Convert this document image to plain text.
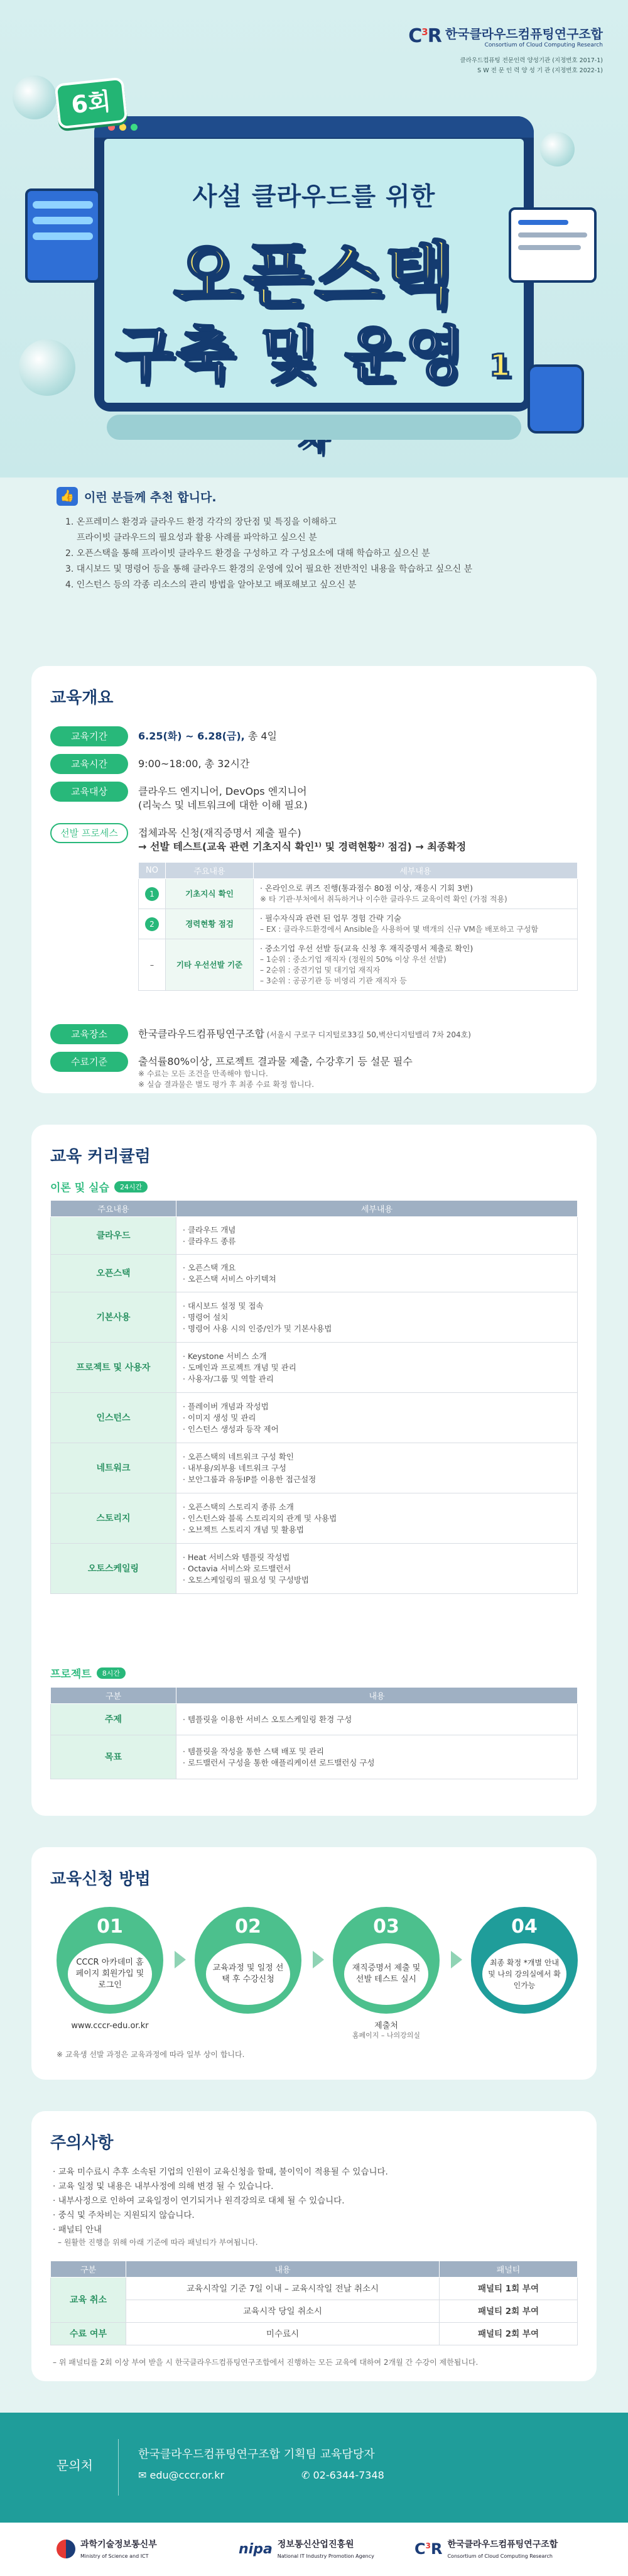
$C^3R$ 한국클라우드컴퓨팅연구조합
Consortium of Cloud Computing Research
클라우드컴퓨팅 전문인력 양성기관 (지정번호 2017-1)
S W 전 문 인 력 양 성 기 관 (지정번호 2022-1)
사설 클라우드를 위한
오픈스택
구축 및 운영 1
6회
👍 이런 분들께 추천 합니다.
1. 온프레미스 환경과 클라우드 환경 각각의 장단점 및 특징을 이해하고
프라이빗 클라우드의 필요성과 활용 사례를 파악하고 싶으신 분
2. 오픈스택을 통해 프라이빗 클라우드 환경을 구성하고 각 구성요소에 대해 학습하고 싶으신 분
3. 대시보드 및 명령어 등을 통해 클라우드 환경의 운영에 있어 필요한 전반적인 내용을 학습하고 싶으신 분
4. 인스턴스 등의 각종 리소스의 관리 방법을 알아보고 배포해보고 싶으신 분
교육개요
교육기간	6.25(화) ~ 6.28(금), 총 4일
교육시간	9:00~18:00, 총 32시간
교육대상	클라우드 엔지니어, DevOps 엔지니어
(리눅스 및 네트워크에 대한 이해 필요)
선발 프로세스	접체과목 신청(재직증명서 제출 필수)
→ 선발 테스트(교육 관련 기초지식 확인¹⁾ 및 경력현황²⁾ 점검) → 최종확정
NO	주요내용	세부내용
1	기초지식 확인	· 온라인으로 퀴즈 진행(통과점수 80점 이상, 재응시 기회 3번)
※ 타 기관·부처에서 취득하거나 이수한 클라우드 교육이력 확인 (가점 적용)

2	경력현황 점검	· 필수자식과 관련 된 업무 경험 간략 기술
– EX : 클라우드환경에서 Ansible을 사용하여 몇 백개의 신규 VM을 배포하고 구성함

–	기타 우선선발 기준	· 중소기업 우선 선발 등(교육 신청 후 재직증명서 제출로 확인)
– 1순위 : 중소기업 재직자 (정원의 50% 이상 우선 선발)
– 2순위 : 중견기업 및 대기업 재직자
– 3순위 : 공공기관 등 비영리 기관 재직자 등
교육장소	한국클라우드컴퓨팅연구조합 (서울시 구로구 디지털로33길 50,벽산디지털밸리 7차 204호)
수료기준	출석률80%이상, 프로젝트 결과물 제출, 수강후기 등 설문 필수
※ 수료는 모든 조건을 만족해야 합니다.
※ 실습 결과물은 별도 평가 후 최종 수료 확정 합니다.
교육 커리큘럼
이론 및 실습	24시간
주요내용	세부내용
클라우드	· 클라우드 개념
· 클라우드 종류

오픈스택	· 오픈스택 개요
· 오픈스택 서비스 아키텍쳐

기본사용	· 대시보드 설정 및 접속
· 명령어 설치
· 명령어 사용 시의 인증/인가 및 기본사용법

프로젝트 및 사용자	· Keystone 서비스 소개
· 도메인과 프로젝트 개념 및 관리
· 사용자/그룹 및 역할 관리

인스턴스	· 플레이버 개념과 작성법
· 이미지 생성 및 관리
· 인스턴스 생성과 등작 제어

네트워크	· 오픈스택의 네트워크 구성 확인
· 내부용/외부용 네트워크 구성
· 보안그룹과 유동IP를 이용한 접근설정

스토리지	· 오픈스택의 스토리지 종류 소개
· 인스턴스와 블록 스토리지의 관계 및 사용법
· 오브젝트 스토리지 개념 및 활용법

오토스케일링	· Heat 서비스와 템플릿 작성법
· Octavia 서비스와 로드밸런서
· 오토스케일링의 필요성 및 구성방법
프로젝트	8시간
구분	내용
주제	· 템플릿을 이용한 서비스 오토스케일링 환경 구성
목표	· 템플릿을 작성을 통한 스택 배포 및 관리
· 로드밸런서 구성을 통한 애플리케이션 로드밸런싱 구성
교육신청 방법
01
CCCR 아카데미 홈페이지 회원가입 및 로그인
02
교육과정 및 일정 선택 후 수강신청
03
재직증명서 제출 및 선발 테스트 실시
04
최종 확정 *개별 안내 및 나의 강의실에서 확인가능
www.cccr-edu.or.kr	제출처
홈페이지 – 나의강의실
※ 교육생 선발 과정은 교육과정에 따라 일부 상이 합니다.
주의사항
· 교육 미수료시 추후 소속된 기업의 인원이 교육신청을 할때, 불이익이 적용될 수 있습니다.
· 교육 일정 및 내용은 내부사정에 의해 변경 될 수 있습니다.
· 내부사정으로 인하여 교육일정이 연기되거나 원격강의로 대체 될 수 있습니다.
· 중식 및 주차비는 지원되지 않습니다.
· 패널티 안내
– 원활한 진행을 위해 아래 기준에 따라 패널티가 부여됩니다.
구분	내용	패널티
교육 취소	교육시작일 기준 7일 이내 – 교육시작일 전날 취소시	패널티 1회 부여
	교육시작 당일 취소시	패널티 2회 부여
수료 여부	미수료시	패널티 2회 부여
– 위 패널티를 2회 이상 부여 받을 시 한국클라우드컴퓨팅연구조합에서 진행하는 모든 교육에 대하여 2개월 간 수강이 제한됩니다.
문의처
한국클라우드컴퓨팅연구조합 기획팀 교육담당자
✉ edu@cccr.or.kr	✆ 02-6344-7348
과학기술정보통신부
Ministry of Science and ICT	nipa 정보통신산업진흥원
National IT Industry Promotion Agency	$C^3R$ 한국클라우드컴퓨팅연구조합
Consortium of Cloud Computing Research
